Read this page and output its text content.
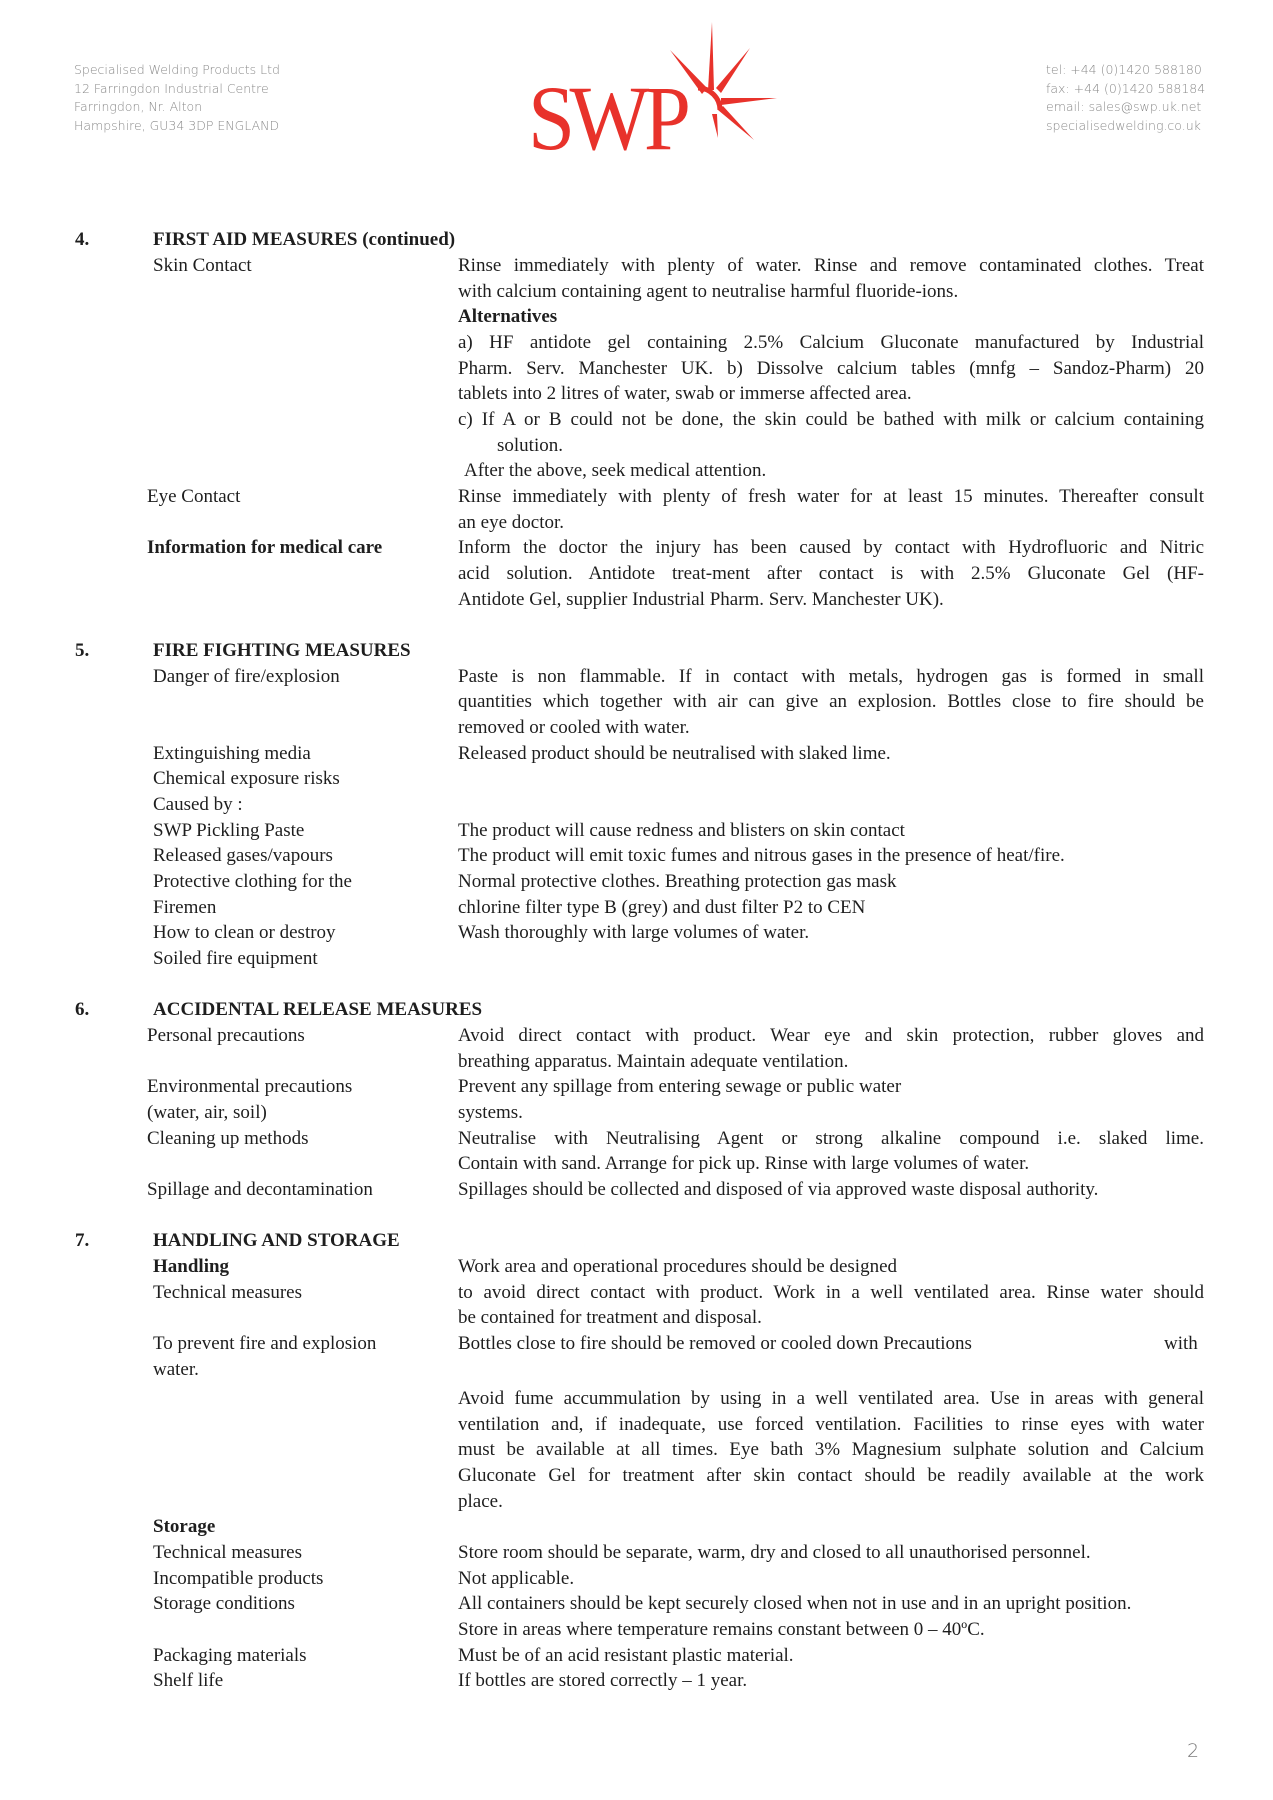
Specialised Welding Products Ltd
12 Farringdon Industrial Centre
Farringdon, Nr. Alton
Hampshire, GU34 3DP ENGLAND	SWP	tel: +44 (0)1420 588180
fax: +44 (0)1420 588184
email: sales@swp.uk.net
specialisedwelding.co.uk
4.	FIRST AID MEASURES (continued)
Skin Contact	Rinse immediately with plenty of water. Rinse and remove contaminated clothes. Treat
with calcium containing agent to neutralise harmful fluoride-ions.
Alternatives
a) HF antidote gel containing 2.5% Calcium Gluconate manufactured by Industrial
Pharm. Serv. Manchester UK. b) Dissolve calcium tables (mnfg – Sandoz-Pharm) 20
tablets into 2 litres of water, swab or immerse affected area.
c) If A or B could not be done, the skin could be bathed with milk or calcium containing
solution.
After the above, seek medical attention.
Eye Contact	Rinse immediately with plenty of fresh water for at least 15 minutes. Thereafter consult
an eye doctor.
Information for medical care	Inform the doctor the injury has been caused by contact with Hydrofluoric and Nitric
acid solution. Antidote treat-ment after contact is with 2.5% Gluconate Gel (HF-
Antidote Gel, supplier Industrial Pharm. Serv. Manchester UK).
5.	FIRE FIGHTING MEASURES
Danger of fire/explosion	Paste is non flammable. If in contact with metals, hydrogen gas is formed in small
quantities which together with air can give an explosion. Bottles close to fire should be
removed or cooled with water.
Extinguishing media	Released product should be neutralised with slaked lime.
Chemical exposure risks
Caused by :
SWP Pickling Paste	The product will cause redness and blisters on skin contact
Released gases/vapours	The product will emit toxic fumes and nitrous gases in the presence of heat/fire.
Protective clothing for the	Normal protective clothes. Breathing protection gas mask
Firemen	chlorine filter type B (grey) and dust filter P2 to CEN
How to clean or destroy	Wash thoroughly with large volumes of water.
Soiled fire equipment
6.	ACCIDENTAL RELEASE MEASURES
Personal precautions	Avoid direct contact with product. Wear eye and skin protection, rubber gloves and
breathing apparatus. Maintain adequate ventilation.
Environmental precautions	Prevent any spillage from entering sewage or public water
(water, air, soil)	systems.
Cleaning up methods	Neutralise with Neutralising Agent or strong alkaline compound i.e. slaked lime.
Contain with sand. Arrange for pick up. Rinse with large volumes of water.
Spillage and decontamination	Spillages should be collected and disposed of via approved waste disposal authority.
7.	HANDLING AND STORAGE
Handling	Work area and operational procedures should be designed
Technical measures	to avoid direct contact with product. Work in a well ventilated area. Rinse water should
be contained for treatment and disposal.
To prevent fire and explosion	Bottles close to fire should be removed or cooled down Precautions	with
water.
Avoid fume accummulation by using in a well ventilated area. Use in areas with general
ventilation and, if inadequate, use forced ventilation. Facilities to rinse eyes with water
must be available at all times. Eye bath 3% Magnesium sulphate solution and Calcium
Gluconate Gel for treatment after skin contact should be readily available at the work
place.
Storage
Technical measures	Store room should be separate, warm, dry and closed to all unauthorised personnel.
Incompatible products	Not applicable.
Storage conditions	All containers should be kept securely closed when not in use and in an upright position.
Store in areas where temperature remains constant between 0 – 40ºC.
Packaging materials	Must be of an acid resistant plastic material.
Shelf life	If bottles are stored correctly – 1 year.
2
